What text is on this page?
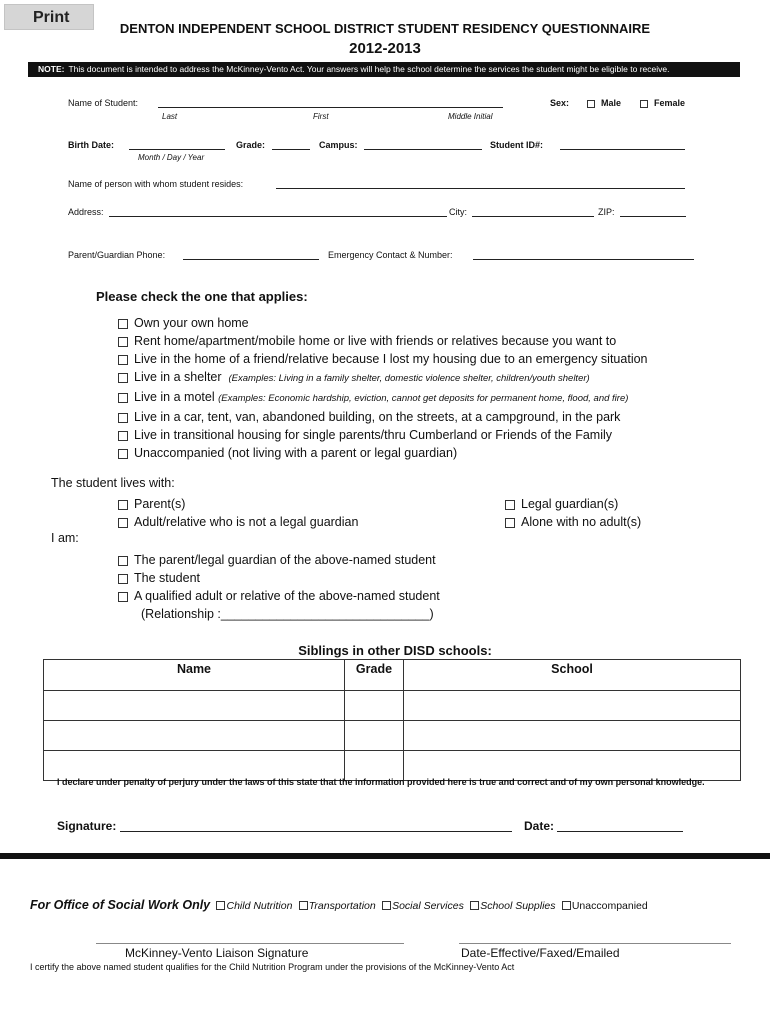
Print
DENTON INDEPENDENT SCHOOL DISTRICT STUDENT RESIDENCY QUESTIONNAIRE
2012-2013
NOTE: This document is intended to address the McKinney-Vento Act. Your answers will help the school determine the services the student might be eligible to receive.
Name of Student:
Last	First	Middle Initial
Sex:	Male	Female
Birth Date:
Month / Day / Year
Grade:	Campus:	Student ID#:
Name of person with whom student resides:
Address:	City:	ZIP:
Parent/Guardian Phone:	Emergency Contact & Number:
Please check the one that applies:
Own your own home
Rent home/apartment/mobile home or live with friends or relatives because you want to
Live in the home of a friend/relative because I lost my housing due to an emergency situation
Live in a shelter (Examples: Living in a family shelter, domestic violence shelter, children/youth shelter)
Live in a motel (Examples: Economic hardship, eviction, cannot get deposits for permanent home, flood, and fire)
Live in a car, tent, van, abandoned building, on the streets, at a campground, in the park
Live in transitional housing for single parents/thru Cumberland or Friends of the Family
Unaccompanied (not living with a parent or legal guardian)
The student lives with:
Parent(s)
Adult/relative who is not a legal guardian
Legal guardian(s)
Alone with no adult(s)
I am:
The parent/legal guardian of the above-named student
The student
A qualified adult or relative of the above-named student
(Relationship :______________________________)
Siblings in other DISD schools:
Name	Grade	School

I declare under penalty of perjury under the laws of this state that the information provided here is true and correct and of my own personal knowledge.
Signature:	Date:
For Office of Social Work Only Child Nutrition Transportation Social Services School Supplies Unaccompanied
McKinney-Vento Liaison Signature	Date-Effective/Faxed/Emailed
I certify the above named student qualifies for the Child Nutrition Program under the provisions of the McKinney-Vento Act
